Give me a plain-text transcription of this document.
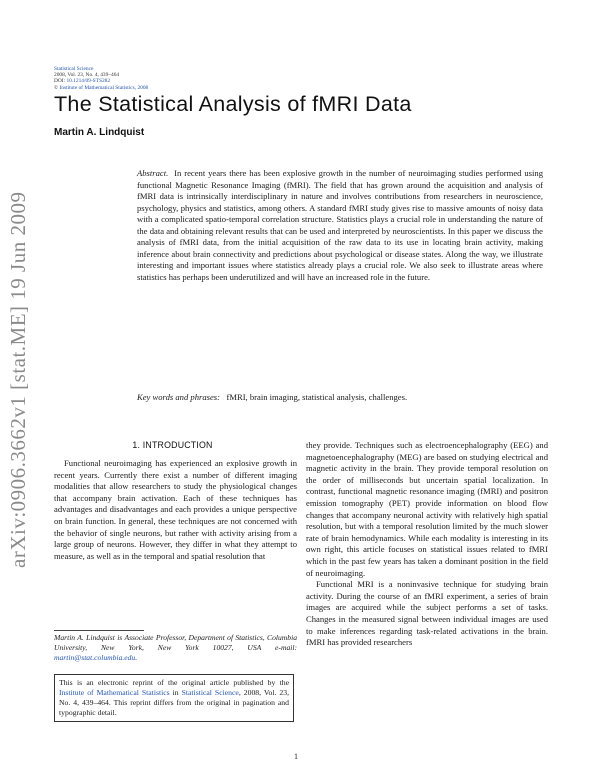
Statistical Science
2008, Vol. 23, No. 4, 439–464
DOI: 10.1214/09-STS282
© Institute of Mathematical Statistics, 2008
The Statistical Analysis of fMRI Data
Martin A. Lindquist
arXiv:0906.3662v1 [stat.ME] 19 Jun 2009
Abstract. In recent years there has been explosive growth in the number of neuroimaging studies performed using functional Magnetic Resonance Imaging (fMRI). The field that has grown around the acquisition and analysis of fMRI data is intrinsically interdisciplinary in nature and involves contributions from researchers in neuroscience, psychology, physics and statistics, among others. A standard fMRI study gives rise to massive amounts of noisy data with a complicated spatio-temporal correlation structure. Statistics plays a crucial role in understanding the nature of the data and obtaining relevant results that can be used and interpreted by neuroscientists. In this paper we discuss the analysis of fMRI data, from the initial acquisition of the raw data to its use in locating brain activity, making inference about brain connectivity and predictions about psychological or disease states. Along the way, we illustrate interesting and important issues where statistics already plays a crucial role. We also seek to illustrate areas where statistics has perhaps been underutilized and will have an increased role in the future.
Key words and phrases: fMRI, brain imaging, statistical analysis, challenges.
1. INTRODUCTION

Functional neuroimaging has experienced an explosive growth in recent years. Currently there exist a number of different imaging modalities that allow researchers to study the physiological changes that accompany brain activation. Each of these techniques has advantages and disadvantages and each provides a unique perspective on brain function. In general, these techniques are not concerned with the behavior of single neurons, but rather with activity arising from a large group of neurons. However, they differ in what they attempt to measure, as well as in the temporal and spatial resolution that

they provide. Techniques such as electroencephalography (EEG) and magnetoencephalography (MEG) are based on studying electrical and magnetic activity in the brain. They provide temporal resolution on the order of milliseconds but uncertain spatial localization. In contrast, functional magnetic resonance imaging (fMRI) and positron emission tomography (PET) provide information on blood flow changes that accompany neuronal activity with relatively high spatial resolution, but with a temporal resolution limited by the much slower rate of brain hemodynamics. While each modality is interesting in its own right, this article focuses on statistical issues related to fMRI which in the past few years has taken a dominant position in the field of neuroimaging.

Functional MRI is a noninvasive technique for studying brain activity. During the course of an fMRI experiment, a series of brain images are acquired while the subject performs a set of tasks. Changes in the measured signal between individual images are used to make inferences regarding task-related activations in the brain. fMRI has provided researchers

Martin A. Lindquist is Associate Professor, Department of Statistics, Columbia University, New York, New York 10027, USA e-mail: martin@stat.columbia.edu.
This is an electronic reprint of the original article published by the Institute of Mathematical Statistics in Statistical Science, 2008, Vol. 23, No. 4, 439–464. This reprint differs from the original in pagination and typographic detail.
1
